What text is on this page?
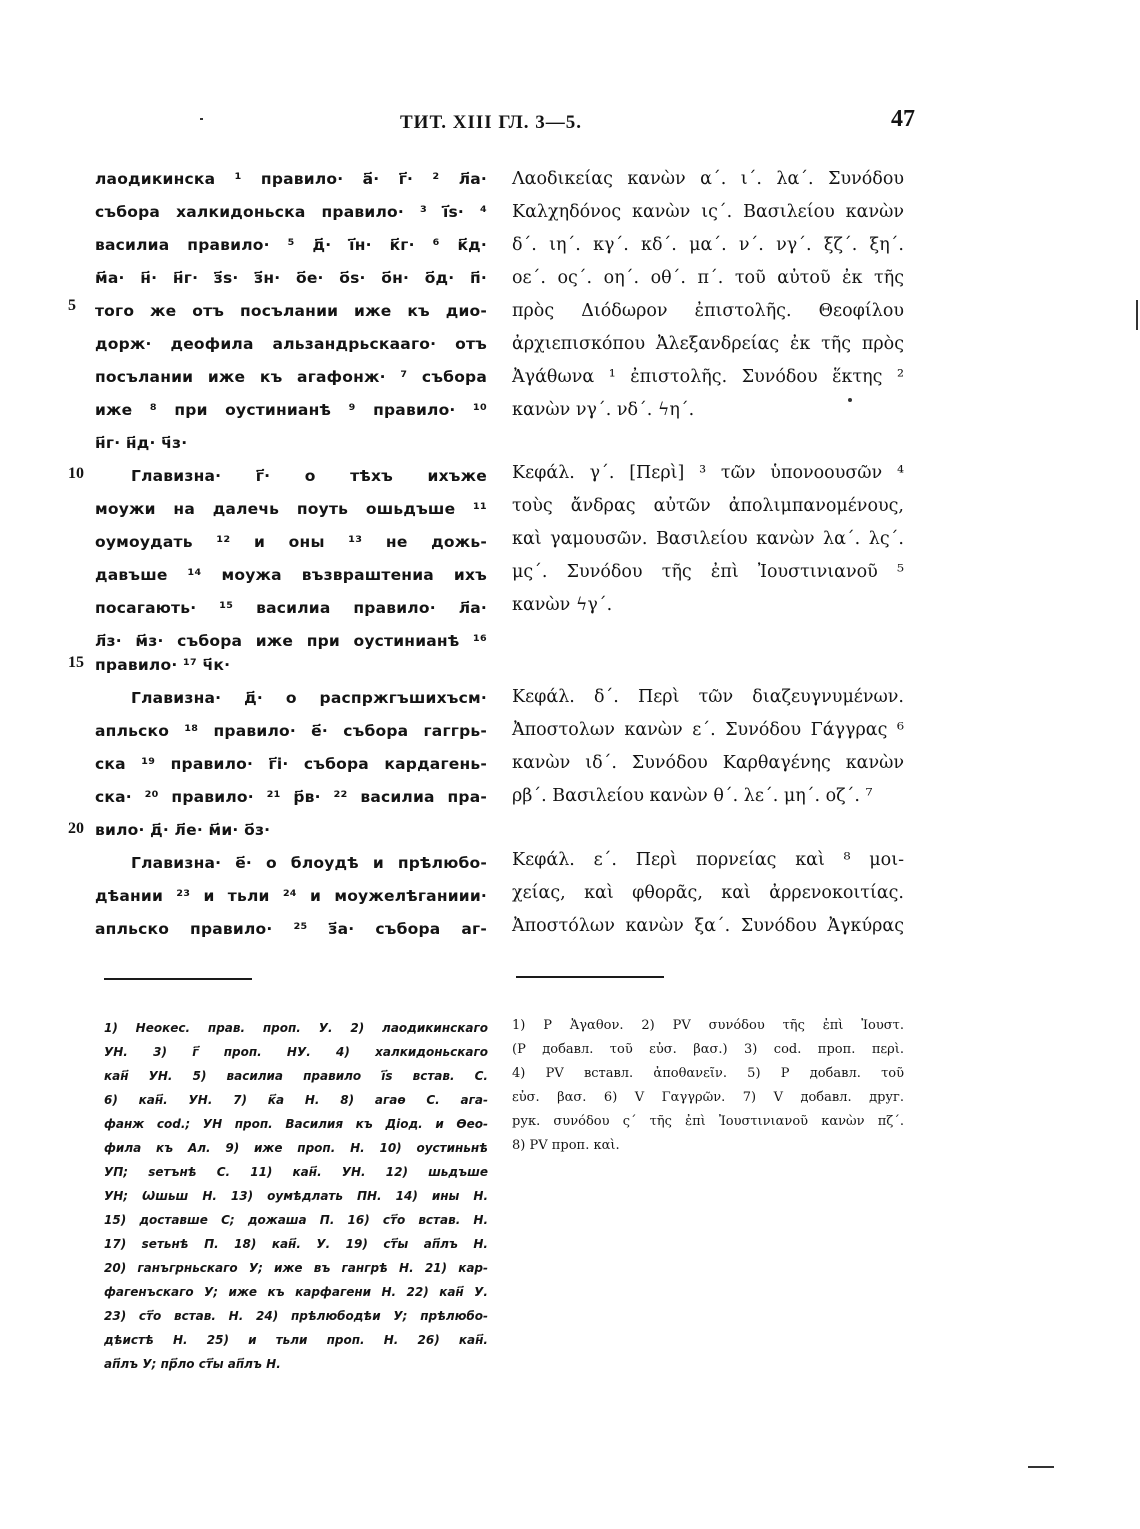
ТИТ. XIII ГЛ. 3—5.	47
5
10
15
20
лаодикинска ¹ правило· а҃· г҃· ² л҃а·
събора халкидоньска правило· ³ і҃ѕ· ⁴
василиа правило· ⁵ д҃· і҃н· к҃г· ⁶ к҃д·
м҃а· н҃· н҃г· з҃ѕ· з҃н· о҃е· о҃ѕ· о҃н· о҃д· п҃·
того же отъ посълании иже къ дио-
дорж· деофила альзандрьскааго· отъ
посълании иже къ агафонж· ⁷ събора
иже ⁸ при оустиниaнѣ ⁹ правило· ¹⁰
н҃г· н҃д· ч҃з·
Главизна· г҃· о тѣхъ ихъже
моужи на далечь поуть ошьдъше ¹¹
оумоудать ¹² и оны ¹³ не дожь-
давъше ¹⁴ моужа възвраштениа ихъ
посагають· ¹⁵ василиа правило· л҃а·
л҃з· м҃з· събора иже при оустиниaнѣ ¹⁶
правило· ¹⁷ ч҃к·
Главизна· д҃· о распржгъшихъсм·
апльско ¹⁸ правило· е҃· събора гаггрь-
ска ¹⁹ правило· г҃і· събора кардагень-
ска· ²⁰ правило· ²¹ р҃в· ²² василиа пра-
вило· д҃· л҃е· м҃и· о҃з·
Главизна· е҃· о блоудѣ и прѣлюбо-
дѣании ²³ и тьли ²⁴ и моужелѣганиии·
апльско правило· ²⁵ з҃а· събора аг-
Λαοδικείας κανὼν α΄. ι΄. λα΄. Συνόδου
Καλχηδόνος κανὼν ις΄. Βασιλείου κανὼν
δ΄. ιη΄. κγ΄. κδ΄. μα΄. ν΄. νγ΄. ξζ΄. ξη΄.
οε΄. ος΄. οη΄. οθ΄. π΄. τοῦ αὐτοῦ ἐκ τῆς
πρὸς Διόδωρον ἐπιστολῆς. Θεοφίλου
ἀρχιεπισκόπου Ἀλεξανδρείας ἐκ τῆς πρὸς
Ἀγάθωνα ¹ ἐπιστολῆς. Συνόδου ἕκτης ²
κανὼν νγ΄. νδ΄. ϟη΄.
Κεφάλ. γ΄. [Περὶ] ³ τῶν ὑπονοουσῶν ⁴
τοὺς ἄνδρας αὐτῶν ἀπολιμπανομένους,
καὶ γαμουσῶν. Βασιλείου κανὼν λα΄. λς΄.
μς΄. Συνόδου τῆς ἐπὶ Ἰουστινιανοῦ ⁵
κανὼν ϟγ΄.
Κεφάλ. δ΄. Περὶ τῶν διαζευγνυμένων.
Ἀποστολων κανὼν ε΄. Συνόδου Γάγγρας ⁶
κανὼν ιδ΄. Συνόδου Καρθαγένης κανὼν
ρβ΄. Βασιλείου κανὼν θ΄. λε΄. μη΄. οζ΄. ⁷
Κεφάλ. ε΄. Περὶ πορνείας καὶ ⁸ μοι-
χείας, καὶ φθορᾶς, καὶ ἀρρενοκοιτίας.
Ἀποστόλων κανὼν ξα΄. Συνόδου Ἀγκύρας
1) Неокес. прав. проп. У. 2) лаодикинскаго
УН. 3) г҃ проп. НУ. 4) халкидоньскаго
кан҃ УН. 5) василиа правило і҃ѕ встав. С.
6) кан҃. УН. 7) к҃а Н. 8) агаѳ С. ага-
фанж cod.; УН проп. Василия къ Діод. и Ѳео-
фила къ Ал. 9) иже проп. Н. 10) оустиньнѣ
УП; ѕетънѣ С. 11) кан҃. УН. 12) шьдъше
УН; Ѡшьш Н. 13) оумѣдлать ПН. 14) ины Н.
15) доставше С; дожаша П. 16) ст҃о встав. Н.
17) ѕетьнѣ П. 18) кан҃. У. 19) ст҃ы ап҃лъ Н.
20) ганъгрньскаго У; иже въ гангрѣ Н. 21) кар-
фагенъскаго У; иже къ карфагени Н. 22) кан҃ У.
23) ст҃о встав. Н. 24) прѣлюбодѣи У; прѣлюбо-
дѣистѣ Н. 25) и тьли проп. Н. 26) кан҃.
ап҃лъ У; пр҃ло ст҃ы ап҃лъ Н.
1) P Ἀγαθον. 2) PV συνόδου τῆς ἐπὶ Ἰουστ.
(P добавл. τοῦ εὐσ. βασ.) 3) cod. проп. περὶ.
4) PV вставл. ἀποθανεῖν. 5) P добавл. τοῦ
εὐσ. βασ. 6) V Γαγγρῶν. 7) V добавл. друг.
рук. συνόδου ς΄ τῆς ἐπὶ Ἰουστινιανοῦ κανὼν πζ΄.
8) PV проп. καὶ.
